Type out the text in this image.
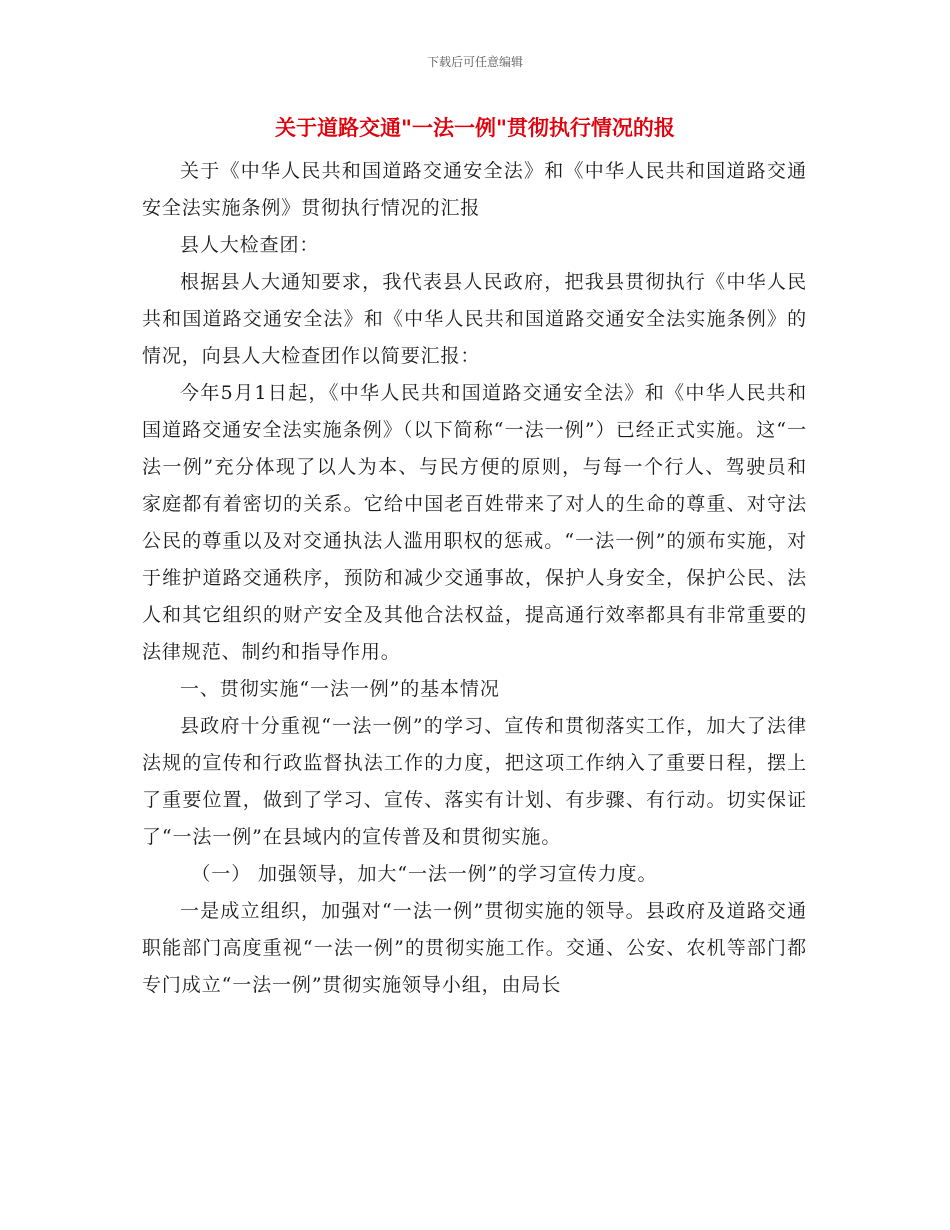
下载后可任意编辑
关于道路交通"一法一例"贯彻执行情况的报

关于《中华人民共和国道路交通安全法》和《中华人民共和国道路交通安全法实施条例》贯彻执行情况的汇报

县人大检查团：

根据县人大通知要求，我代表县人民政府，把我县贯彻执行《中华人民共和国道路交通安全法》和《中华人民共和国道路交通安全法实施条例》的情况，向县人大检查团作以简要汇报：

今年5月1日起，《中华人民共和国道路交通安全法》和《中华人民共和国道路交通安全法实施条例》（以下简称“一法一例”）已经正式实施。这“一法一例”充分体现了以人为本、与民方便的原则，与每一个行人、驾驶员和家庭都有着密切的关系。它给中国老百姓带来了对人的生命的尊重、对守法公民的尊重以及对交通执法人滥用职权的惩戒。“一法一例”的颁布实施，对于维护道路交通秩序，预防和减少交通事故，保护人身安全，保护公民、法人和其它组织的财产安全及其他合法权益，提高通行效率都具有非常重要的法律规范、制约和指导作用。

一、贯彻实施“一法一例”的基本情况

县政府十分重视“一法一例”的学习、宣传和贯彻落实工作，加大了法律法规的宣传和行政监督执法工作的力度，把这项工作纳入了重要日程，摆上了重要位置，做到了学习、宣传、落实有计划、有步骤、有行动。切实保证了“一法一例”在县域内的宣传普及和贯彻实施。

（一） 加强领导，加大“一法一例”的学习宣传力度。

一是成立组织，加强对“一法一例”贯彻实施的领导。县政府及道路交通职能部门高度重视“一法一例”的贯彻实施工作。交通、公安、农机等部门都专门成立“一法一例”贯彻实施领导小组，由局长
